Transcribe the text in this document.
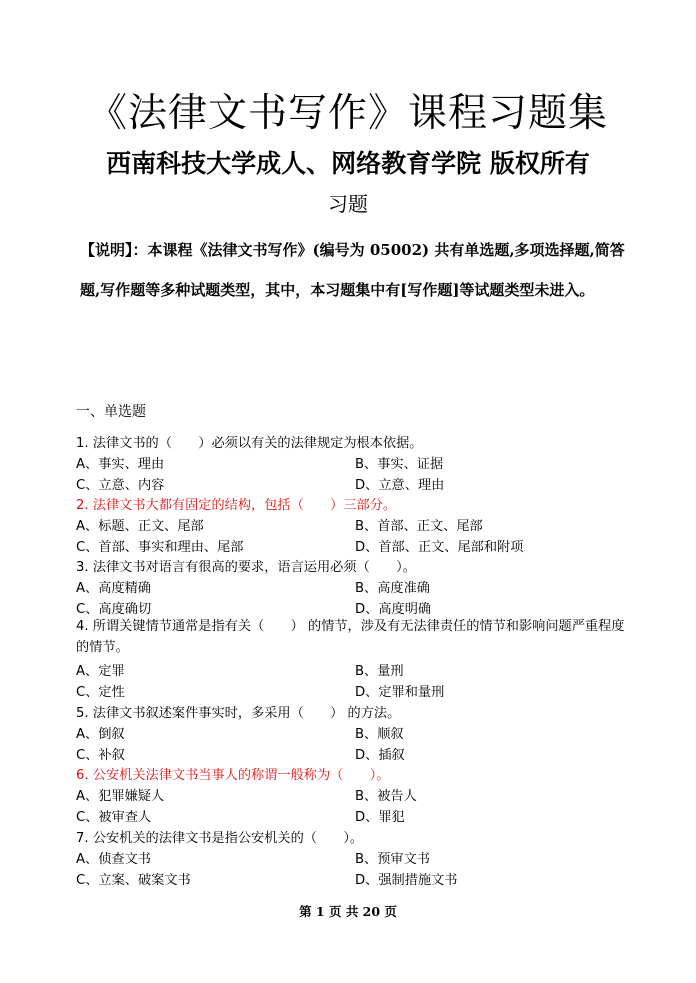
《法律文书写作》课程习题集
西南科技大学成人、网络教育学院 版权所有
习题
【说明】：本课程《法律文书写作》(编号为 05002) 共有单选题,多项选择题,简答题,写作题等多种试题类型，其中，本习题集中有[写作题]等试题类型未进入。
一、单选题
1. 法律文书的（　　）必须以有关的法律规定为根本依据。
A、事实、理由	B、事实、证据
C、立意、内容	D、立意、理由
2. 法律文书大都有固定的结构，包括（　　）三部分。
A、标题、正文、尾部	B、首部、正文、尾部
C、首部、事实和理由、尾部	D、首部、正文、尾部和附项
3. 法律文书对语言有很高的要求，语言运用必须（　　）。
A、高度精确	B、高度准确
C、高度确切	D、高度明确
4. 所谓关键情节通常是指有关（　　） 的情节，涉及有无法律责任的情节和影响问题严重程度的情节。
A、定罪	B、量刑
C、定性	D、定罪和量刑
5. 法律文书叙述案件事实时，多采用（　　） 的方法。
A、倒叙	B、顺叙
C、补叙	D、插叙
6. 公安机关法律文书当事人的称谓一般称为（　　）。
A、犯罪嫌疑人	B、被告人
C、被审查人	D、罪犯
7. 公安机关的法律文书是指公安机关的（　　）。
A、侦查文书	B、预审文书
C、立案、破案文书	D、强制措施文书
第 1 页 共 20 页
